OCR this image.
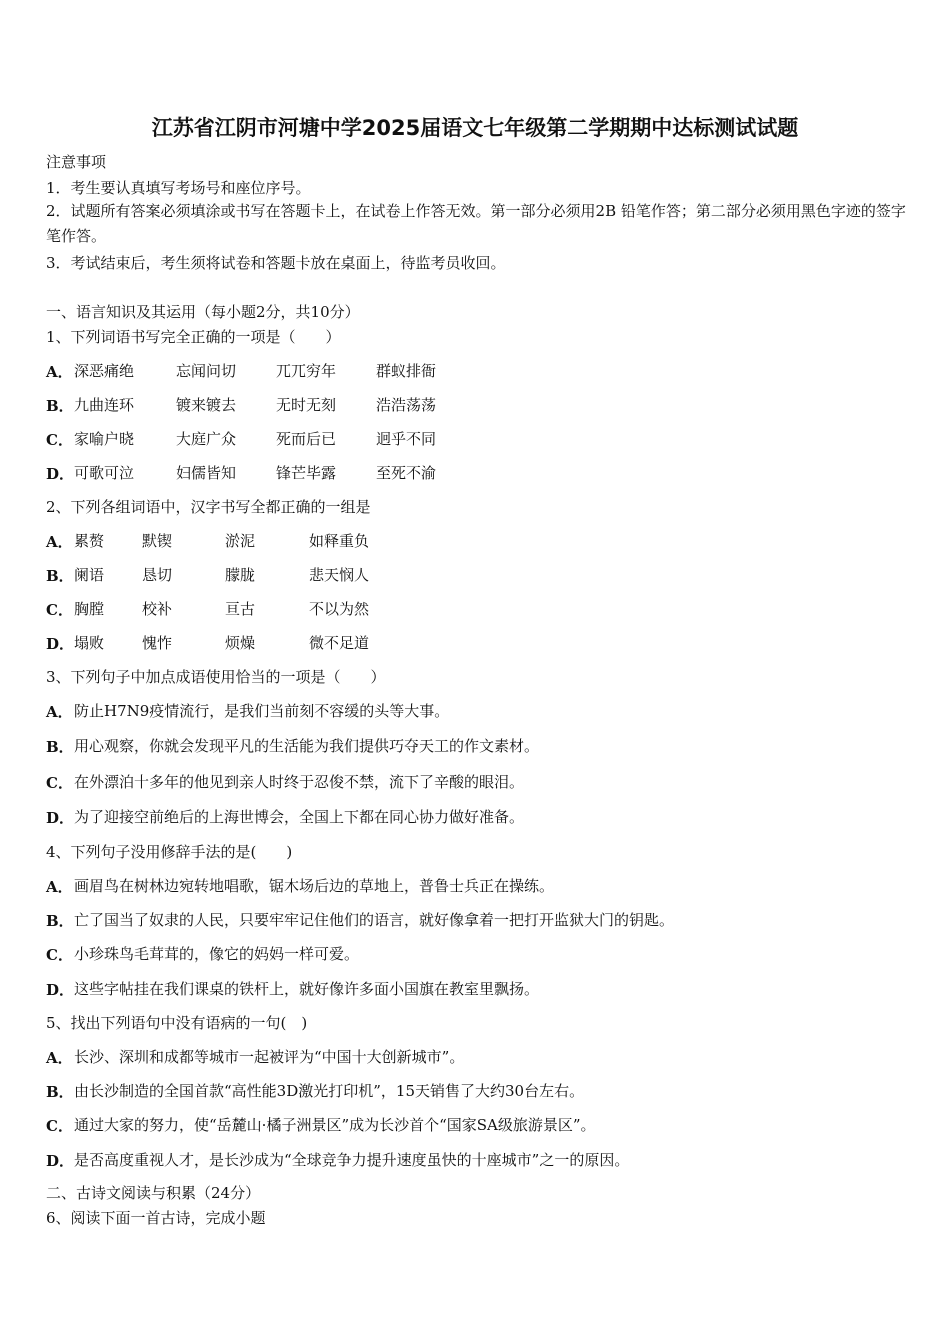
江苏省江阴市河塘中学2025届语文七年级第二学期期中达标测试试题
注意事项
1．考生要认真填写考场号和座位序号。
2．试题所有答案必须填涂或书写在答题卡上，在试卷上作答无效。第一部分必须用2B 铅笔作答；第二部分必须用黑色字迹的签字笔作答。
3．考试结束后，考生须将试卷和答题卡放在桌面上，待监考员收回。
一、语言知识及其运用（每小题2分，共10分）
1、下列词语书写完全正确的一项是（　　）
A． 深恶痛绝	忘闻问切	兀兀穷年	群蚁排衙
B． 九曲连环	镀来镀去	无时无刻	浩浩荡荡
C． 家喻户晓	大庭广众	死而后已	迥乎不同
D． 可歌可泣	妇儒皆知	锋芒毕露	至死不渝
2、下列各组词语中，汉字书写全都正确的一组是
A． 累赘	默锲	淤泥	如释重负
B． 阑语	恳切	朦胧	悲天悯人
C． 胸膛	校补	亘古	不以为然
D． 塌败	愧怍	烦燥	微不足道
3、下列句子中加点成语使用恰当的一项是（　　）
A． 防止H7N9疫情流行，是我们当前刻不容缓的头等大事。
B． 用心观察，你就会发现平凡的生活能为我们提供巧夺天工的作文素材。
C． 在外漂泊十多年的他见到亲人时终于忍俊不禁，流下了辛酸的眼泪。
D． 为了迎接空前绝后的上海世博会，全国上下都在同心协力做好准备。
4、下列句子没用修辞手法的是(　　)
A． 画眉鸟在树林边宛转地唱歌，锯木场后边的草地上，普鲁士兵正在操练。
B． 亡了国当了奴隶的人民，只要牢牢记住他们的语言，就好像拿着一把打开监狱大门的钥匙。
C． 小珍珠鸟毛茸茸的，像它的妈妈一样可爱。
D． 这些字帖挂在我们课桌的铁杆上，就好像许多面小国旗在教室里飘扬。
5、找出下列语句中没有语病的一句(　)
A． 长沙、深圳和成都等城市一起被评为“中国十大创新城市”。
B． 由长沙制造的全国首款“高性能3D激光打印机”，15天销售了大约30台左右。
C． 通过大家的努力，使“岳麓山·橘子洲景区”成为长沙首个“国家SA级旅游景区”。
D． 是否高度重视人才，是长沙成为“全球竞争力提升速度虽快的十座城市”之一的原因。
二、古诗文阅读与积累（24分）
6、阅读下面一首古诗，完成小题
